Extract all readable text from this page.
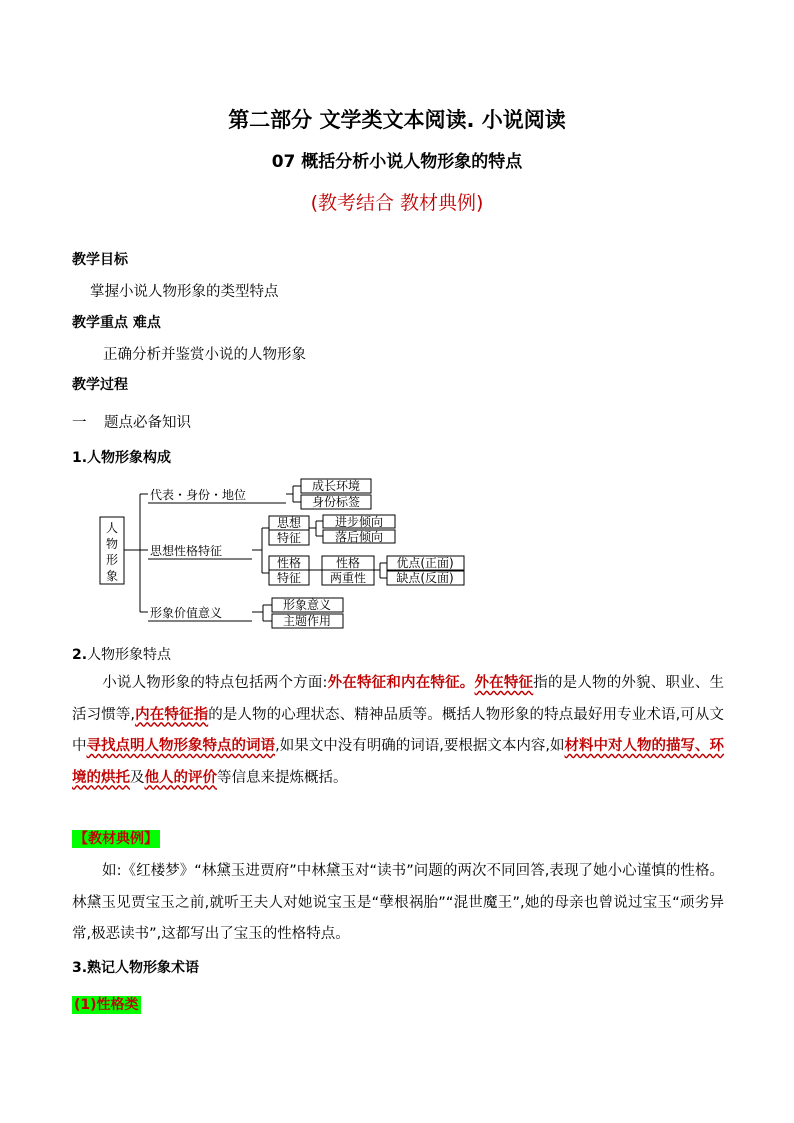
第二部分 文学类文本阅读. 小说阅读
07 概括分析小说人物形象的特点
(教考结合 教材典例)
教学目标
掌握小说人物形象的类型特点
教学重点 难点
正确分析并鉴赏小说的人物形象
教学过程
一 题点必备知识
1.人物形象构成
人
物
形
象
代表・身份・地位
成长环境
身份标签
思想性格特征
思想
特征
进步倾向
落后倾向
性格
特征
性格
两重性
优点(正面)
缺点(反面)
形象价值意义
形象意义
主题作用
2.人物形象特点
小说人物形象的特点包括两个方面:外在特征和内在特征。外在特征指的是人物的外貌、职业、生活习惯等,内在特征指的是人物的心理状态、精神品质等。概括人物形象的特点最好用专业术语,可从文中寻找点明人物形象特点的词语,如果文中没有明确的词语,要根据文本内容,如材料中对人物的描写、环境的烘托及他人的评价等信息来提炼概括。
【教材典例】
如:《红楼梦》“林黛玉进贾府”中林黛玉对“读书”问题的两次不同回答,表现了她小心谨慎的性格。林黛玉见贾宝玉之前,就听王夫人对她说宝玉是“孽根祸胎”“混世魔王”,她的母亲也曾说过宝玉“顽劣异常,极恶读书”,这都写出了宝玉的性格特点。
3.熟记人物形象术语
(1)性格类
